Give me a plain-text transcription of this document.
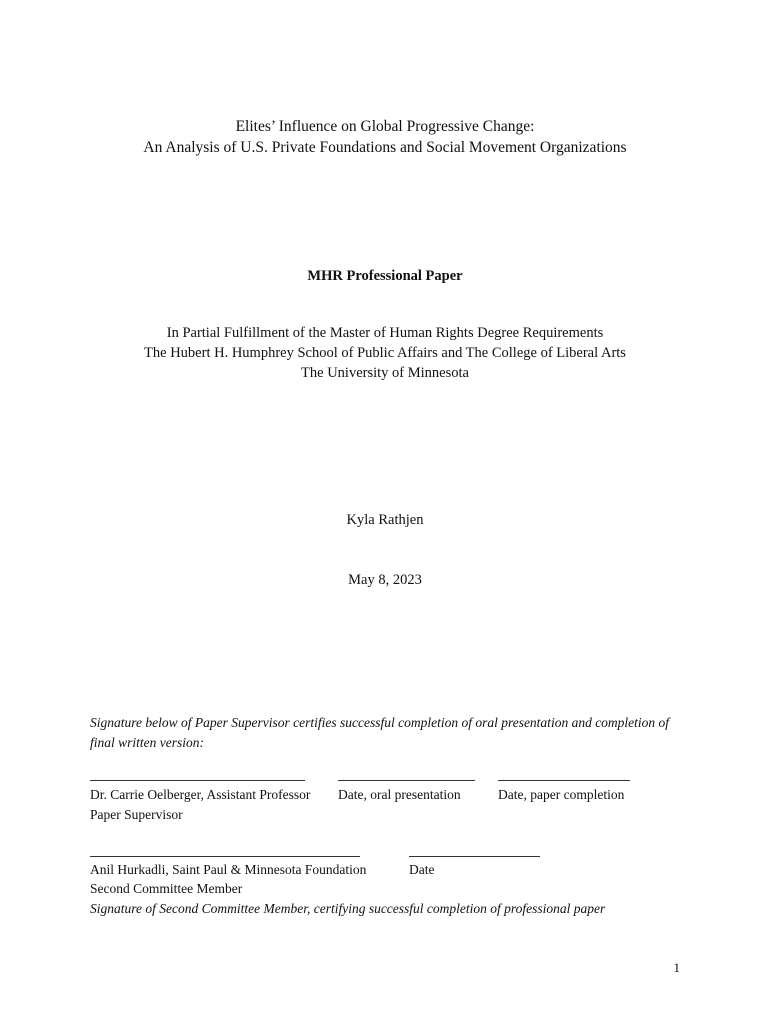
Elites’ Influence on Global Progressive Change:
An Analysis of U.S. Private Foundations and Social Movement Organizations
MHR Professional Paper
In Partial Fulfillment of the Master of Human Rights Degree Requirements
The Hubert H. Humphrey School of Public Affairs and The College of Liberal Arts
The University of Minnesota
Kyla Rathjen
May 8, 2023
Signature below of Paper Supervisor certifies successful completion of oral presentation and completion of final written version:
Dr. Carrie Oelberger, Assistant Professor Date, oral presentation	Date, paper completion
Paper Supervisor
Anil Hurkadli, Saint Paul & Minnesota Foundation	Date
Second Committee Member
Signature of Second Committee Member, certifying successful completion of professional paper
1
